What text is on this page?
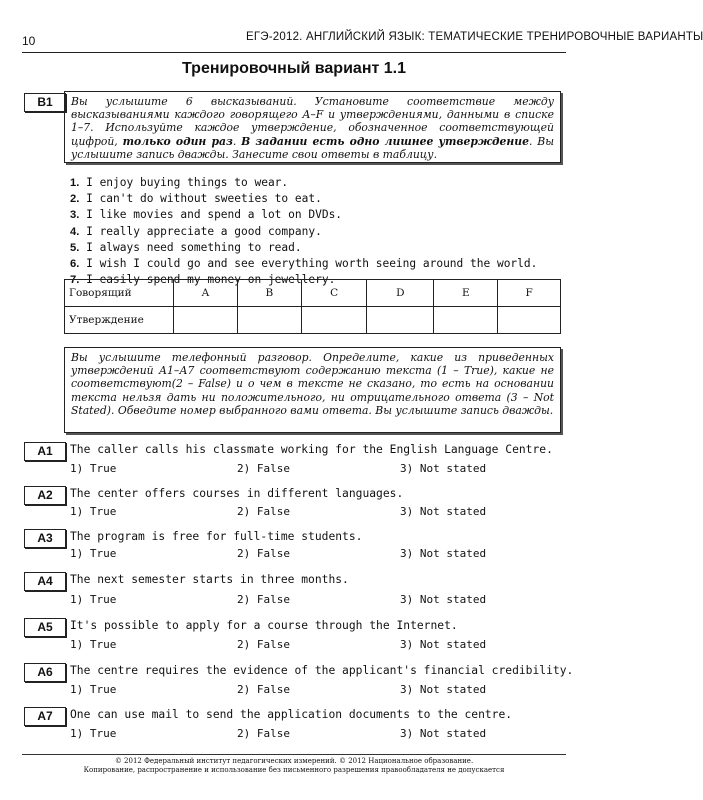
10	ЕГЭ-2012. АНГЛИЙСКИЙ ЯЗЫК: ТЕМАТИЧЕСКИЕ ТРЕНИРОВОЧНЫЕ ВАРИАНТЫ
Тренировочный вариант 1.1
B1	Вы услышите 6 высказываний. Установите соответствие между высказываниями каждого говорящего A–F и утверждениями, данными в списке 1–7. Используйте каждое утверждение, обозначенное соответствующей цифрой, только один раз. В задании есть одно лишнее утверждение. Вы услышите запись дважды. Занесите свои ответы в таблицу.
1. I enjoy buying things to wear.
2. I can't do without sweeties to eat.
3. I like movies and spend a lot on DVDs.
4. I really appreciate a good company.
5. I always need something to read.
6. I wish I could go and see everything worth seeing around the world.
7. I easily spend my money on jewellery.
Говорящий	A	B	C	D	E	F
Утверждение						
Вы услышите телефонный разговор. Определите, какие из приведенных утверждений А1–А7 соответствуют содержанию текста (1 – True), какие не соответствуют(2 – False) и о чем в тексте не сказано, то есть на основании текста нельзя дать ни положительного, ни отрицательного ответа (3 – Not Stated). Обведите номер выбранного вами ответа. Вы услышите запись дважды.
A1	The caller calls his classmate working for the English Language Centre.
1) True	2) False	3) Not stated
A2	The center offers courses in different languages.
1) True	2) False	3) Not stated
A3	The program is free for full-time students.
1) True	2) False	3) Not stated
A4	The next semester starts in three months.
1) True	2) False	3) Not stated
A5	It's possible to apply for a course through the Internet.
1) True	2) False	3) Not stated
A6	The centre requires the evidence of the applicant's financial credibility.
1) True	2) False	3) Not stated
A7	One can use mail to send the application documents to the centre.
1) True	2) False	3) Not stated
© 2012 Федеральный институт педагогических измерений. © 2012 Национальное образование.
Копирование, распространение и использование без письменного разрешения правообладателя не допускается
